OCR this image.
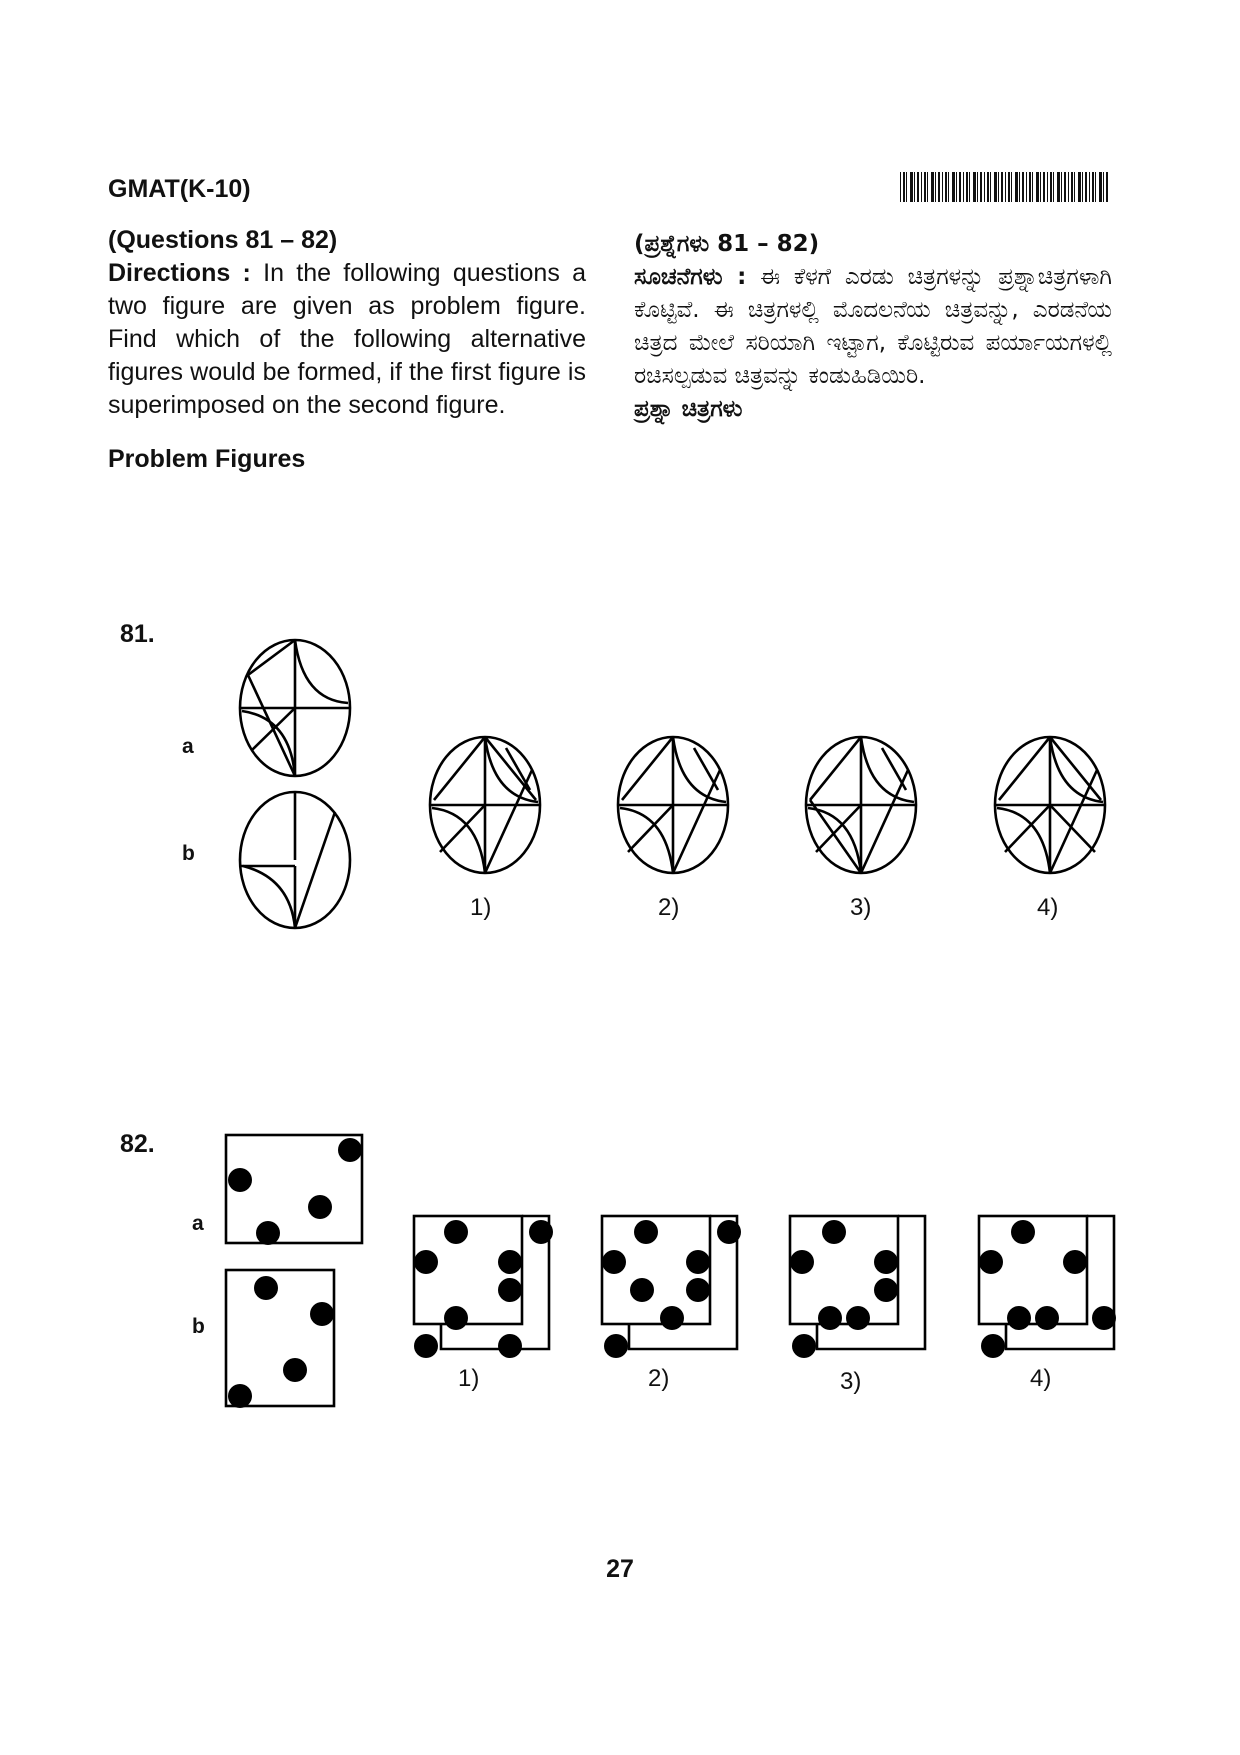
GMAT(K-10)
(Questions 81 – 82)
Directions : In the following questions a two figure are given as problem figure. Find which of the following alternative figures would be formed, if the first figure is superimposed on the second figure.
Problem Figures
(ಪ್ರಶ್ನೆಗಳು 81 – 82)
ಸೂಚನೆಗಳು : ಈ ಕೆಳಗೆ ಎರಡು ಚಿತ್ರಗಳನ್ನು ಪ್ರಶ್ನಾಚಿತ್ರಗಳಾಗಿ ಕೊಟ್ಟಿವೆ. ಈ ಚಿತ್ರಗಳಲ್ಲಿ ಮೊದಲನೆಯ ಚಿತ್ರವನ್ನು, ಎರಡನೆಯ ಚಿತ್ರದ ಮೇಲೆ ಸರಿಯಾಗಿ ಇಟ್ಟಾಗ, ಕೊಟ್ಟಿರುವ ಪರ್ಯಾಯಗಳಲ್ಲಿ ರಚಿಸಲ್ಪಡುವ ಚಿತ್ರವನ್ನು ಕಂಡುಹಿಡಿಯಿರಿ.
ಪ್ರಶ್ನಾ ಚಿತ್ರಗಳು
81.
a
b
1)	2)	3)	4)
82.
a
b
1)	2)	3)	4)
27
